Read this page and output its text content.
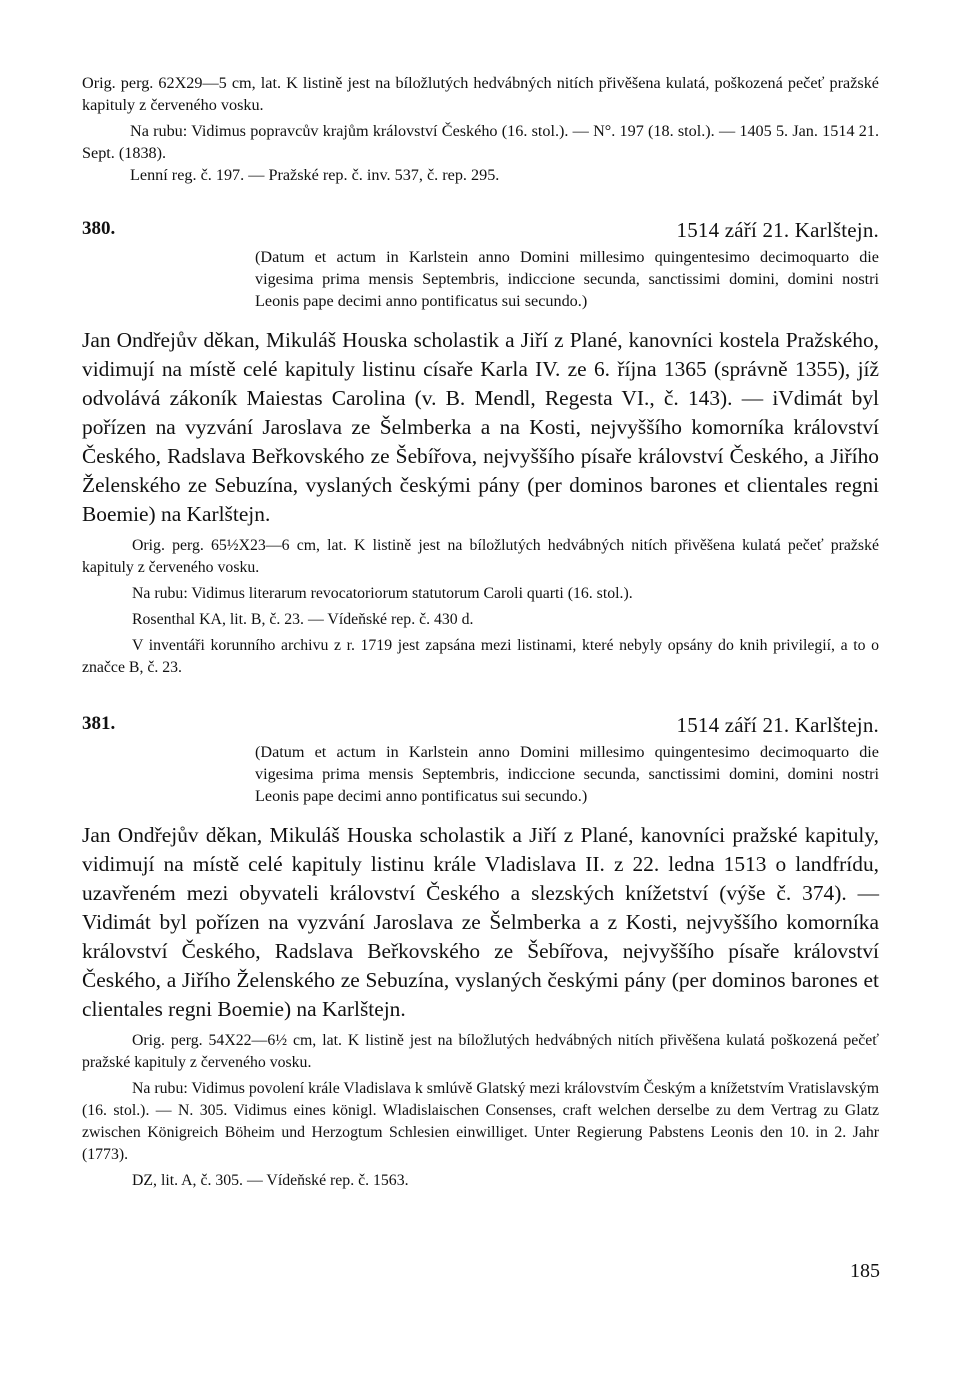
Orig. perg. 62X29—5 cm, lat. K listině jest na bíložlutých hedvábných nitích přivěšena kulatá, poškozená pečeť pražské kapituly z červeného vosku.

Na rubu: Vidimus popravcův krajům království Českého (16. stol.). — N°. 197 (18. stol.). — 1405 5. Jan. 1514 21. Sept. (1838).

Lenní reg. č. 197. — Pražské rep. č. inv. 537, č. rep. 295.

380.	1514 září 21. Karlštejn.

(Datum et actum in Karlstein anno Domini millesimo quingentesimo decimoquarto die vigesima prima mensis Septembris, indiccione secunda, sanctissimi domini, domini nostri Leonis pape decimi anno pontificatus sui secundo.)

Jan Ondřejův děkan, Mikuláš Houska scholastik a Jiří z Plané, kanovníci kostela Pražského, vidimují na místě celé kapituly listinu císaře Karla IV. ze 6. října 1365 (správně 1355), jíž odvolává zákoník Maiestas Carolina (v. B. Mendl, Regesta VI., č. 143). — iVdimát byl pořízen na vyzvání Jaroslava ze Šelmberka a na Kosti, nejvyššího komorníka království Českého, Radslava Beřkovského ze Šebířova, nejvyššího písaře království Českého, a Jiřího Želenského ze Sebuzína, vyslaných českými pány (per dominos barones et clientales regni Boemie) na Karlštejn.

Orig. perg. 65½X23—6 cm, lat. K listině jest na bíložlutých hedvábných nitích přivěšena kulatá pečeť pražské kapituly z červeného vosku.

Na rubu: Vidimus literarum revocatoriorum statutorum Caroli quarti (16. stol.).

Rosenthal KA, lit. B, č. 23. — Vídeňské rep. č. 430 d.

V inventáři korunního archivu z r. 1719 jest zapsána mezi listinami, které nebyly opsány do knih privilegií, a to o značce B, č. 23.

381.	1514 září 21. Karlštejn.

(Datum et actum in Karlstein anno Domini millesimo quingentesimo decimoquarto die vigesima prima mensis Septembris, indiccione secunda, sanctissimi domini, domini nostri Leonis pape decimi anno pontificatus sui secundo.)

Jan Ondřejův děkan, Mikuláš Houska scholastik a Jiří z Plané, kanovníci pražské kapituly, vidimují na místě celé kapituly listinu krále Vladislava II. z 22. ledna 1513 o landfrídu, uzavřeném mezi obyvateli království Českého a slezských knížetství (výše č. 374). — Vidimát byl pořízen na vyzvání Jaroslava ze Šelmberka a z Kosti, nejvyššího komorníka království Českého, Radslava Beřkovského ze Šebířova, nejvyššího písaře království Českého, a Jiřího Želenského ze Sebuzína, vyslaných českými pány (per dominos barones et clientales regni Boemie) na Karlštejn.

Orig. perg. 54X22—6½ cm, lat. K listině jest na bíložlutých hedvábných nitích přivěšena kulatá poškozená pečeť pražské kapituly z červeného vosku.

Na rubu: Vidimus povolení krále Vladislava k smlúvě Glatský mezi královstvím Českým a knížetstvím Vratislavským (16. stol.). — N. 305. Vidimus eines königl. Wladislaischen Consenses, craft welchen derselbe zu dem Vertrag zu Glatz zwischen Königreich Böheim und Herzogtum Schlesien einwilliget. Unter Regierung Pabstens Leonis den 10. in 2. Jahr (1773).

DZ, lit. A, č. 305. — Vídeňské rep. č. 1563.

185
